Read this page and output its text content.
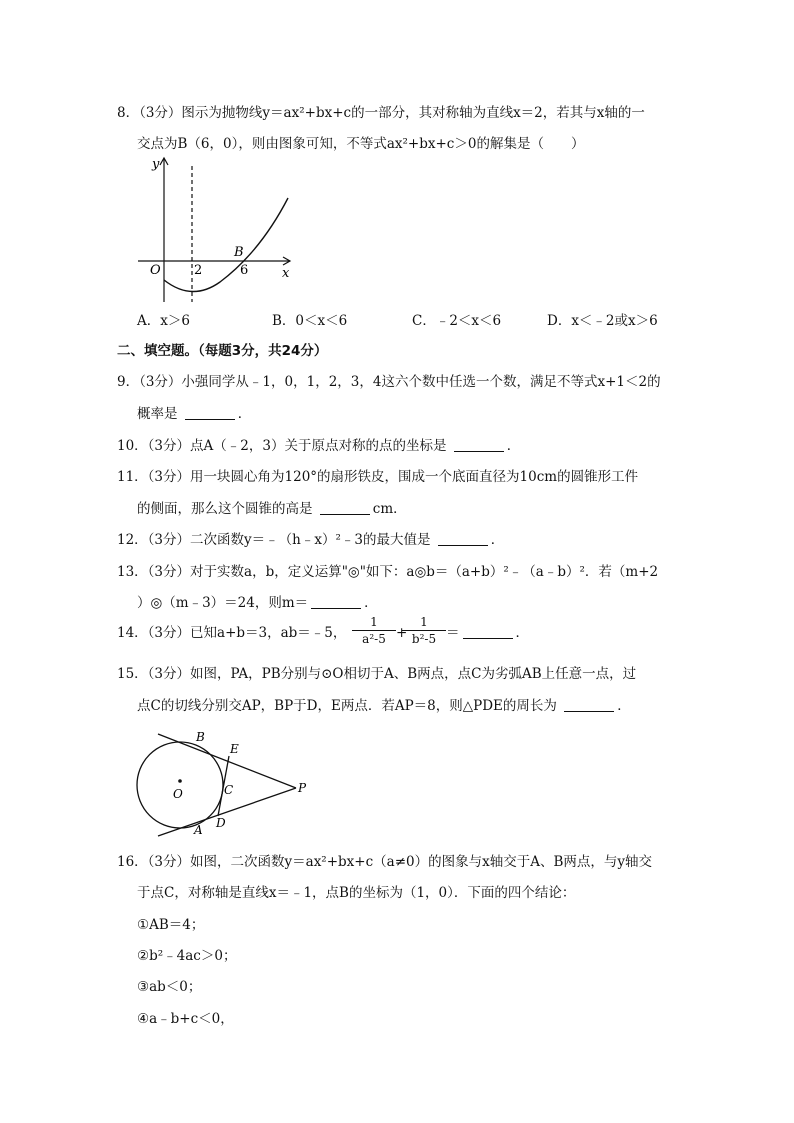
8．（3分）图示为抛物线y＝ax²+bx+c的一部分，其对称轴为直线x＝2，若其与x轴的一
交点为B（6，0），则由图象可知，不等式ax²+bx+c＞0的解集是（　　）
y
x
O	2	6
B
A．x＞6	B．0＜x＜6	C．﹣2＜x＜6	D．x＜﹣2或x＞6
二、填空题。（每题3分，共24分）
9．（3分）小强同学从﹣1，0，1，2，3，4这六个数中任选一个数，满足不等式x+1＜2的
概率是	．
10．（3分）点A（﹣2，3）关于原点对称的点的坐标是	．
11．（3分）用一块圆心角为120°的扇形铁皮，围成一个底面直径为10cm的圆锥形工件
的侧面，那么这个圆锥的高是	cm．
12．（3分）二次函数y＝﹣（h﹣x）²﹣3的最大值是	．
13．（3分）对于实数a，b，定义运算"◎"如下：a◎b＝（a+b）²﹣（a﹣b）²．若（m+2
）◎（m﹣3）＝24，则m＝	．
14．（3分）已知a+b＝3，ab＝﹣5，
1
a²-5 +
1
b²-5 ＝	．
15．（3分）如图，PA，PB分别与⊙O相切于A、B两点，点C为劣弧AB上任意一点，过
点C的切线分别交AP，BP于D，E两点．若AP＝8，则△PDE的周长为	．
B
E
O	C	P
D
A
16．（3分）如图，二次函数y＝ax²+bx+c（a≠0）的图象与x轴交于A、B两点，与y轴交
于点C，对称轴是直线x＝﹣1，点B的坐标为（1，0）．下面的四个结论：
①AB＝4；
②b²﹣4ac＞0；
③ab＜0；
④a﹣b+c＜0，
